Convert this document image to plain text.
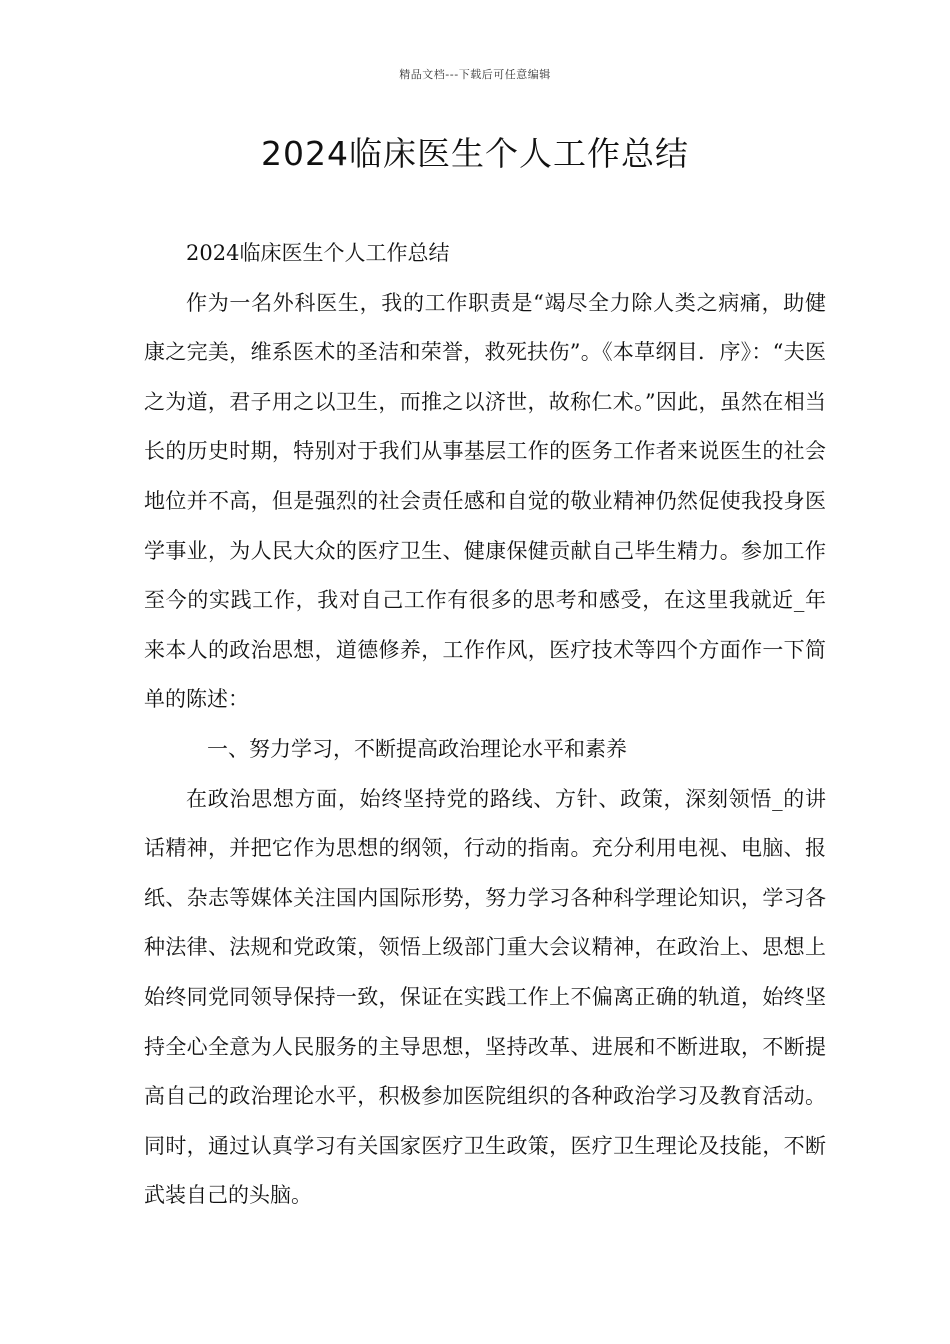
精品文档---下载后可任意编辑
2024临床医生个人工作总结

2024临床医生个人工作总结

作为一名外科医生，我的工作职责是“竭尽全力除人类之病痛，助健康之完美，维系医术的圣洁和荣誉，救死扶伤”。《本草纲目．序》：“夫医之为道，君子用之以卫生，而推之以济世，故称仁术。”因此，虽然在相当长的历史时期，特别对于我们从事基层工作的医务工作者来说医生的社会地位并不高，但是强烈的社会责任感和自觉的敬业精神仍然促使我投身医学事业，为人民大众的医疗卫生、健康保健贡献自己毕生精力。参加工作至今的实践工作，我对自己工作有很多的思考和感受，在这里我就近_年来本人的政治思想，道德修养，工作作风，医疗技术等四个方面作一下简单的陈述：

一、努力学习，不断提高政治理论水平和素养

在政治思想方面，始终坚持党的路线、方针、政策，深刻领悟_的讲话精神，并把它作为思想的纲领，行动的指南。充分利用电视、电脑、报纸、杂志等媒体关注国内国际形势，努力学习各种科学理论知识，学习各种法律、法规和党政策，领悟上级部门重大会议精神，在政治上、思想上始终同党同领导保持一致，保证在实践工作上不偏离正确的轨道，始终坚持全心全意为人民服务的主导思想，坚持改革、进展和不断进取，不断提高自己的政治理论水平，积极参加医院组织的各种政治学习及教育活动。同时，通过认真学习有关国家医疗卫生政策，医疗卫生理论及技能，不断武装自己的头脑。
